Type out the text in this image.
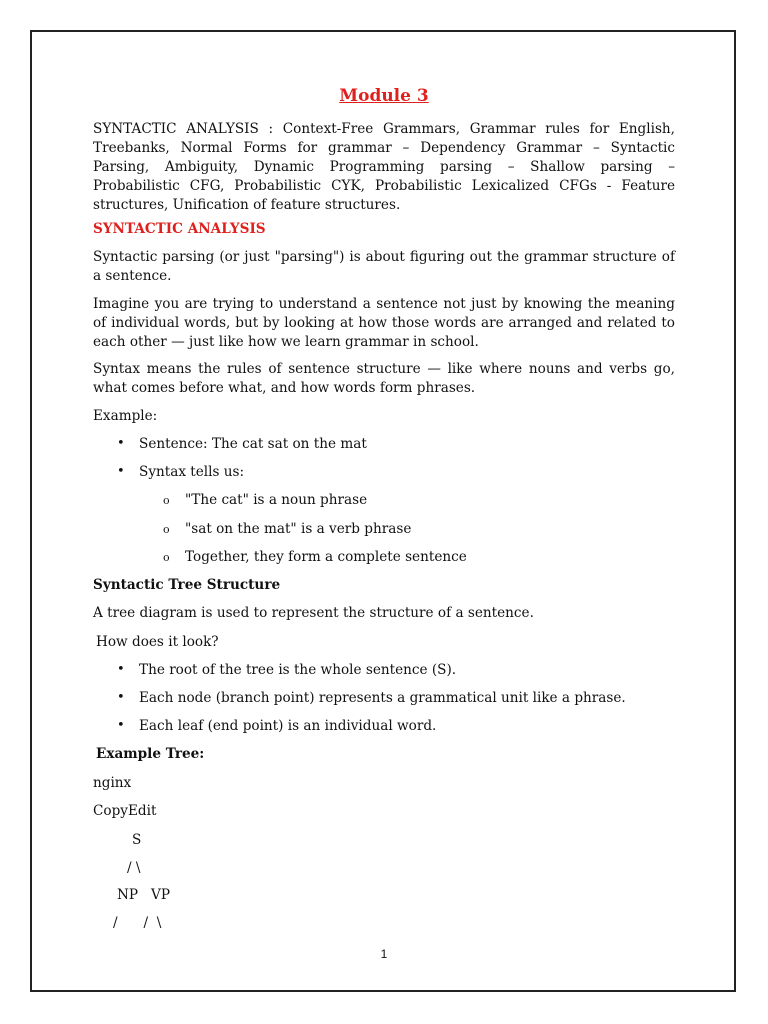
Module 3
SYNTACTIC ANALYSIS : Context-Free Grammars, Grammar rules for English, Treebanks, Normal Forms for grammar – Dependency Grammar – Syntactic Parsing, Ambiguity, Dynamic Programming parsing – Shallow parsing – Probabilistic CFG, Probabilistic CYK, Probabilistic Lexicalized CFGs - Feature structures, Unification of feature structures.
SYNTACTIC ANALYSIS
Syntactic parsing (or just "parsing") is about figuring out the grammar structure of a sentence.
Imagine you are trying to understand a sentence not just by knowing the meaning of individual words, but by looking at how those words are arranged and related to each other — just like how we learn grammar in school.
Syntax means the rules of sentence structure — like where nouns and verbs go, what comes before what, and how words form phrases.
Example:
• Sentence: The cat sat on the mat
• Syntax tells us:
o "The cat" is a noun phrase
o "sat on the mat" is a verb phrase
o Together, they form a complete sentence
Syntactic Tree Structure
A tree diagram is used to represent the structure of a sentence.
How does it look?
• The root of the tree is the whole sentence (S).
• Each node (branch point) represents a grammatical unit like a phrase.
• Each leaf (end point) is an individual word.
Example Tree:
nginx
CopyEdit
S
/ \
NP   VP
/      /  \
1
